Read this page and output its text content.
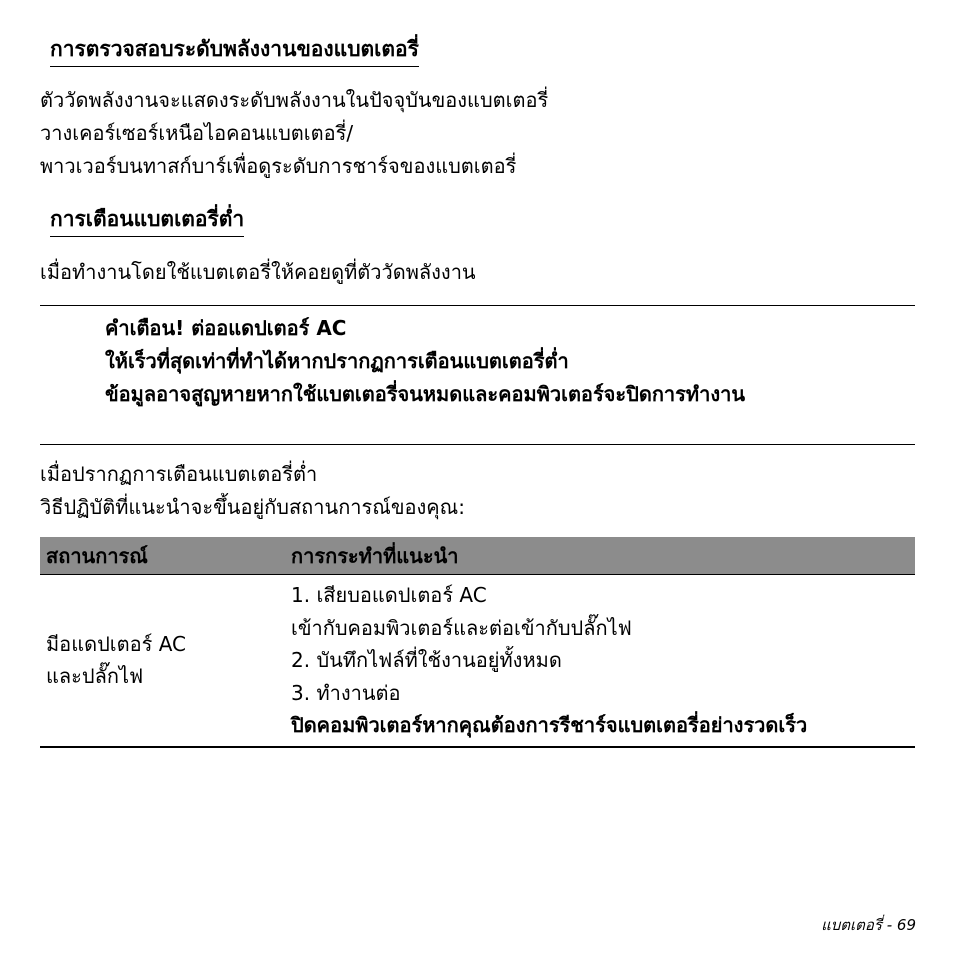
การตรวจสอบระดับพลังงานของแบตเตอรี่
ตัววัดพลังงานจะแสดงระดับพลังงานในปัจจุบันของแบตเตอรี่
วางเคอร์เซอร์เหนือไอคอนแบตเตอรี่/
พาวเวอร์บนทาสก์บาร์เพื่อดูระดับการชาร์จของแบตเตอรี่
การเตือนแบตเตอรี่ต่ำ
เมื่อทำงานโดยใช้แบตเตอรี่ให้คอยดูที่ตัววัดพลังงาน
คำเตือน! ต่ออแดปเตอร์ AC
ให้เร็วที่สุดเท่าที่ทำได้หากปรากฏการเตือนแบตเตอรี่ต่ำ
ข้อมูลอาจสูญหายหากใช้แบตเตอรี่จนหมดและคอมพิวเตอร์จะปิดการทำงาน
เมื่อปรากฏการเตือนแบตเตอรี่ต่ำ
วิธีปฏิบัติที่แนะนำจะขึ้นอยู่กับสถานการณ์ของคุณ:
สถานการณ์	การกระทำที่แนะนำ

มีอแดปเตอร์ AC
และปลั๊กไฟ	1. เสียบอแดปเตอร์ AC
เข้ากับคอมพิวเตอร์และต่อเข้ากับปลั๊กไฟ
2. บันทึกไฟล์ที่ใช้งานอยู่ทั้งหมด
3. ทำงานต่อ
ปิดคอมพิวเตอร์หากคุณต้องการรีชาร์จแบตเตอรี่อย่างรวดเร็ว
แบตเตอรี่ - 69
